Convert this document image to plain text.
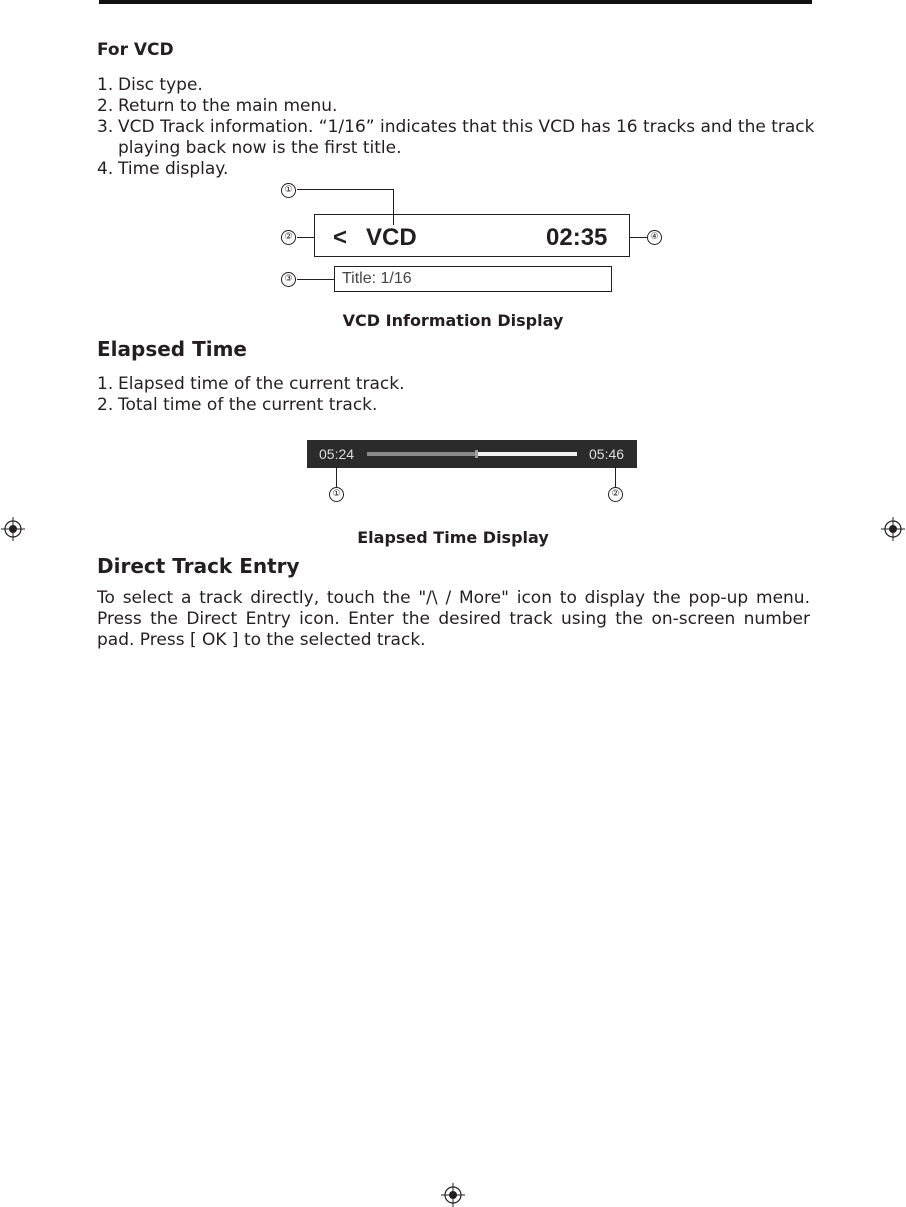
For VCD
1. Disc type.
2. Return to the main menu.
3. VCD Track information. “1/16” indicates that this VCD has 16 tracks and the track
playing back now is the first title.
4. Time display.
①
②
③
④
< VCD	02:35
Title: 1/16
VCD Information Display
Elapsed Time
1. Elapsed time of the current track.
2. Total time of the current track.
05:24	05:46
①	②
Elapsed Time Display
Direct Track Entry
To select a track directly, touch the "/\ / More" icon to display the pop-up menu. Press the Direct Entry icon. Enter the desired track using the on-screen number pad. Press [ OK ] to the selected track.
